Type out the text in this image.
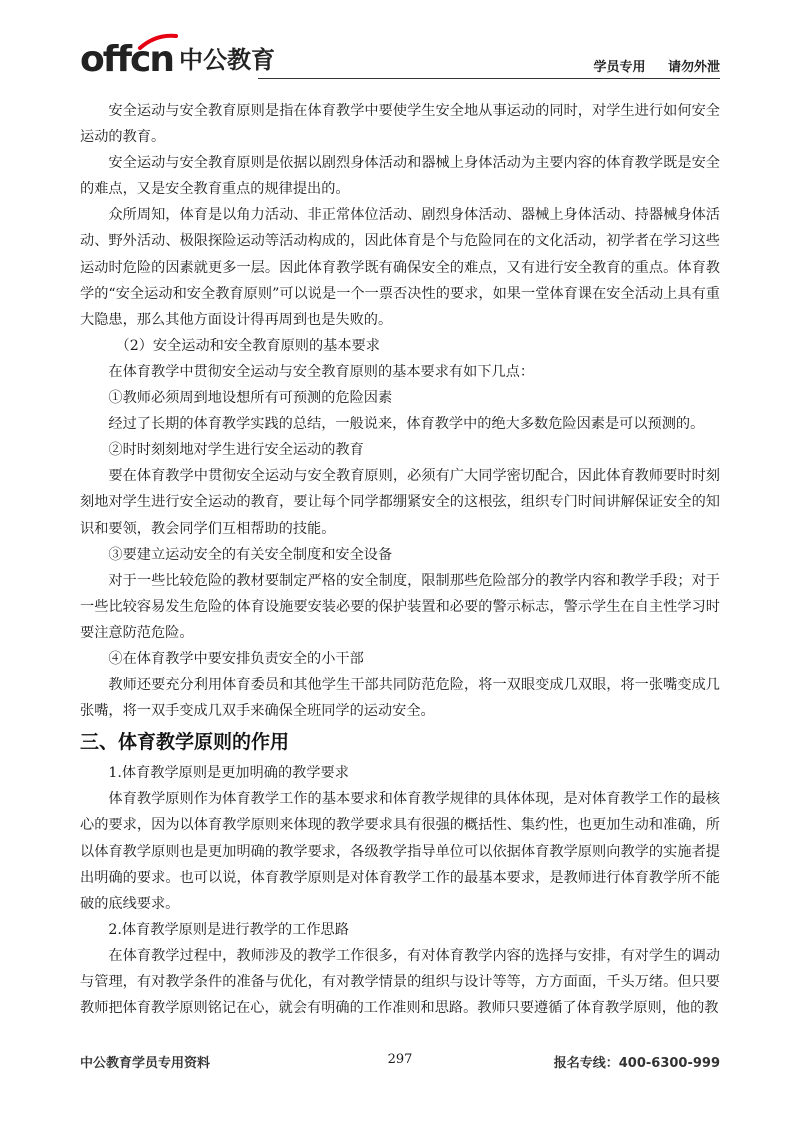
offcn 中公教育	学员专用 请勿外泄

安全运动与安全教育原则是指在体育教学中要使学生安全地从事运动的同时，对学生进行如何安全运动的教育。

安全运动与安全教育原则是依据以剧烈身体活动和器械上身体活动为主要内容的体育教学既是安全的难点，又是安全教育重点的规律提出的。

众所周知，体育是以角力活动、非正常体位活动、剧烈身体活动、器械上身体活动、持器械身体活动、野外活动、极限探险运动等活动构成的，因此体育是个与危险同在的文化活动，初学者在学习这些运动时危险的因素就更多一层。因此体育教学既有确保安全的难点，又有进行安全教育的重点。体育教学的“安全运动和安全教育原则”可以说是一个一票否决性的要求，如果一堂体育课在安全活动上具有重大隐患，那么其他方面设计得再周到也是失败的。

（2）安全运动和安全教育原则的基本要求

在体育教学中贯彻安全运动与安全教育原则的基本要求有如下几点：

①教师必须周到地设想所有可预测的危险因素

经过了长期的体育教学实践的总结，一般说来，体育教学中的绝大多数危险因素是可以预测的。

②时时刻刻地对学生进行安全运动的教育

要在体育教学中贯彻安全运动与安全教育原则，必须有广大同学密切配合，因此体育教师要时时刻刻地对学生进行安全运动的教育，要让每个同学都绷紧安全的这根弦，组织专门时间讲解保证安全的知识和要领，教会同学们互相帮助的技能。

③要建立运动安全的有关安全制度和安全设备

对于一些比较危险的教材要制定严格的安全制度，限制那些危险部分的教学内容和教学手段；对于一些比较容易发生危险的体育设施要安装必要的保护装置和必要的警示标志，警示学生在自主性学习时要注意防范危险。

④在体育教学中要安排负责安全的小干部

教师还要充分利用体育委员和其他学生干部共同防范危险，将一双眼变成几双眼，将一张嘴变成几张嘴，将一双手变成几双手来确保全班同学的运动安全。

三、体育教学原则的作用

1.体育教学原则是更加明确的教学要求

体育教学原则作为体育教学工作的基本要求和体育教学规律的具体体现，是对体育教学工作的最核心的要求，因为以体育教学原则来体现的教学要求具有很强的概括性、集约性，也更加生动和准确，所以体育教学原则也是更加明确的教学要求，各级教学指导单位可以依据体育教学原则向教学的实施者提出明确的要求。也可以说，体育教学原则是对体育教学工作的最基本要求，是教师进行体育教学所不能破的底线要求。

2.体育教学原则是进行教学的工作思路

在体育教学过程中，教师涉及的教学工作很多，有对体育教学内容的选择与安排，有对学生的调动与管理，有对教学条件的准备与优化，有对教学情景的组织与设计等等，方方面面，千头万绪。但只要教师把体育教学原则铭记在心，就会有明确的工作准则和思路。教师只要遵循了体育教学原则，他的教

中公教育学员专用资料	297	报名专线：400-6300-999
